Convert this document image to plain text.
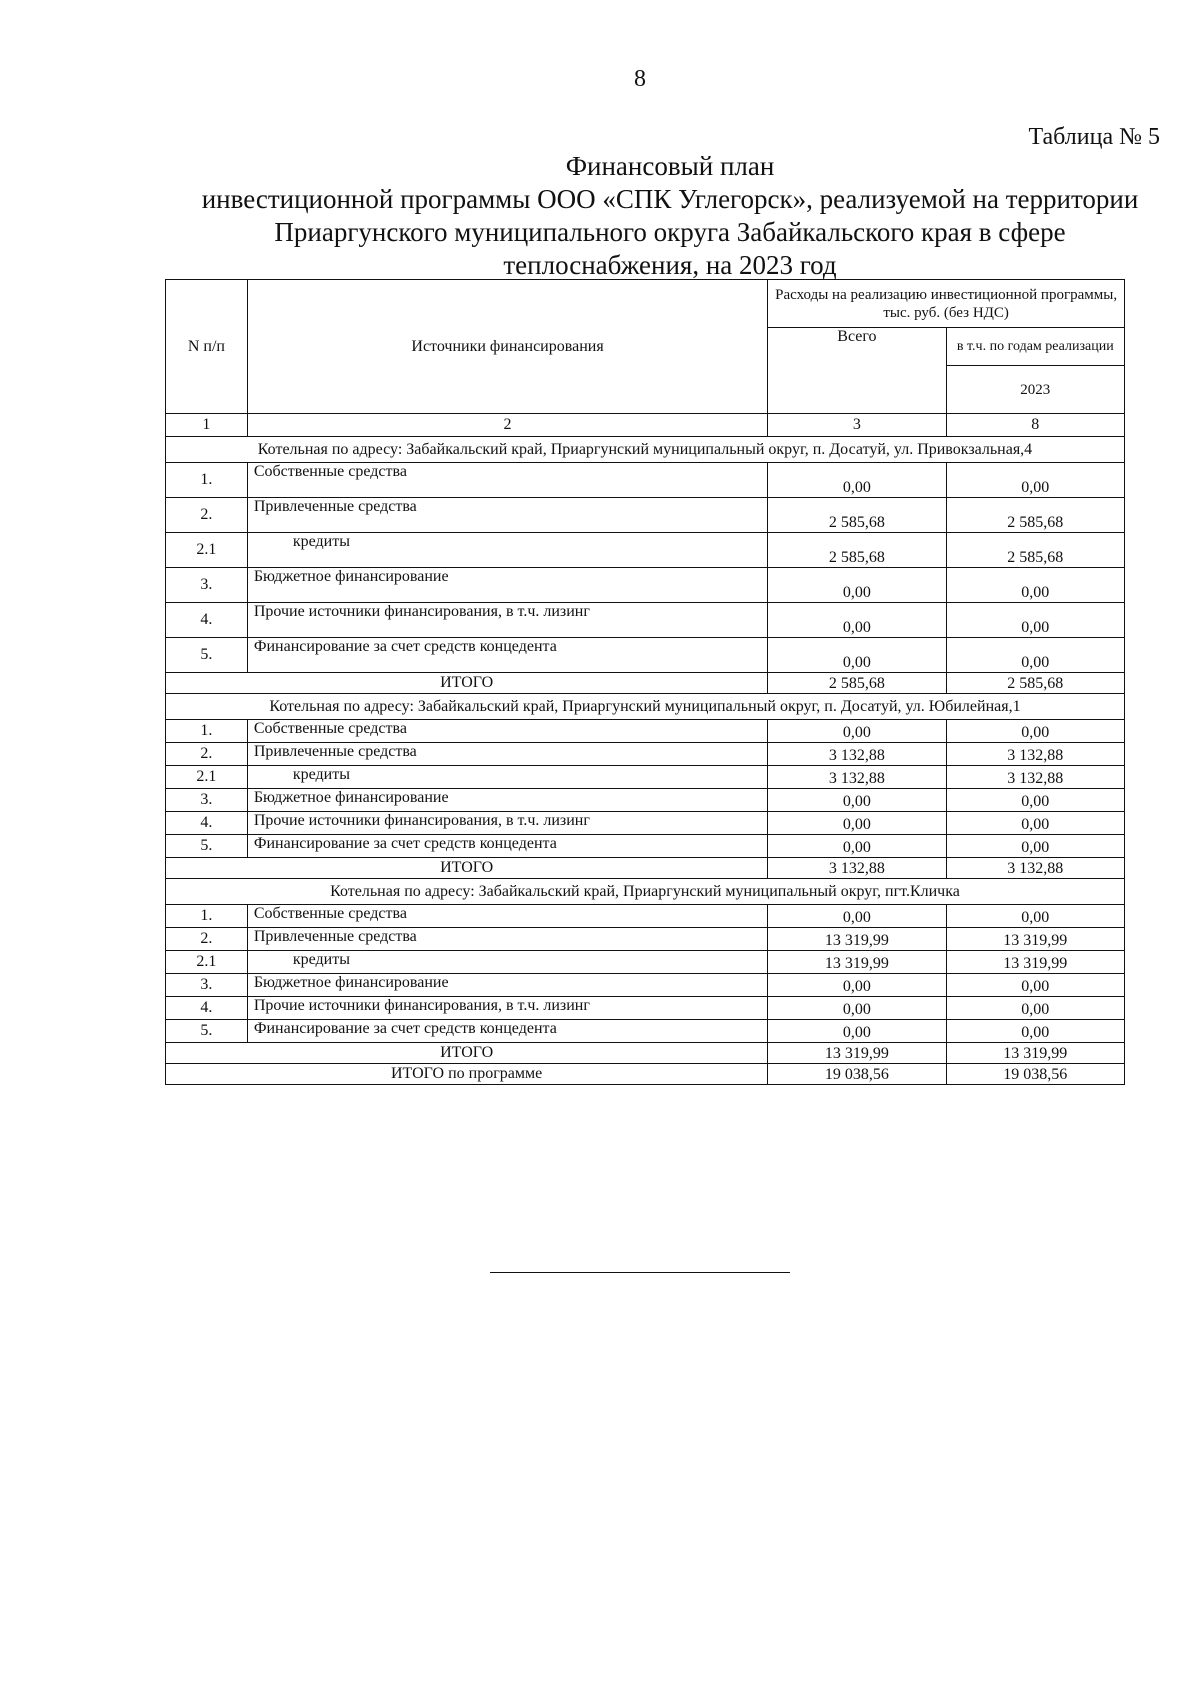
8
Таблица № 5
Финансовый план
инвестиционной программы ООО «СПК Углегорск», реализуемой на территории
Приаргунского муниципального округа Забайкальского края в сфере
теплоснабжения, на 2023 год
N п/п	Источники финансирования	Расходы на реализацию инвестиционной программы, тыс. руб. (без НДС)	
		Всего	в т.ч. по годам реализации
			2023
1	2	3	8
Котельная по адресу: Забайкальский край, Приаргунский муниципальный округ, п. Досатуй, ул. Привокзальная,4			
1.	Собственные средства	0,00	0,00
2.	Привлеченные средства	2 585,68	2 585,68
2.1	кредиты	2 585,68	2 585,68
3.	Бюджетное финансирование	0,00	0,00
4.	Прочие источники финансирования, в т.ч. лизинг	0,00	0,00
5.	Финансирование за счет средств концедента	0,00	0,00
ИТОГО		2 585,68	2 585,68
Котельная по адресу: Забайкальский край, Приаргунский муниципальный округ, п. Досатуй, ул. Юбилейная,1			
1.	Собственные средства	0,00	0,00
2.	Привлеченные средства	3 132,88	3 132,88
2.1	кредиты	3 132,88	3 132,88
3.	Бюджетное финансирование	0,00	0,00
4.	Прочие источники финансирования, в т.ч. лизинг	0,00	0,00
5.	Финансирование за счет средств концедента	0,00	0,00
ИТОГО		3 132,88	3 132,88
Котельная по адресу: Забайкальский край, Приаргунский муниципальный округ, пгт.Кличка			
1.	Собственные средства	0,00	0,00
2.	Привлеченные средства	13 319,99	13 319,99
2.1	кредиты	13 319,99	13 319,99
3.	Бюджетное финансирование	0,00	0,00
4.	Прочие источники финансирования, в т.ч. лизинг	0,00	0,00
5.	Финансирование за счет средств концедента	0,00	0,00
ИТОГО		13 319,99	13 319,99
ИТОГО по программе		19 038,56	19 038,56
